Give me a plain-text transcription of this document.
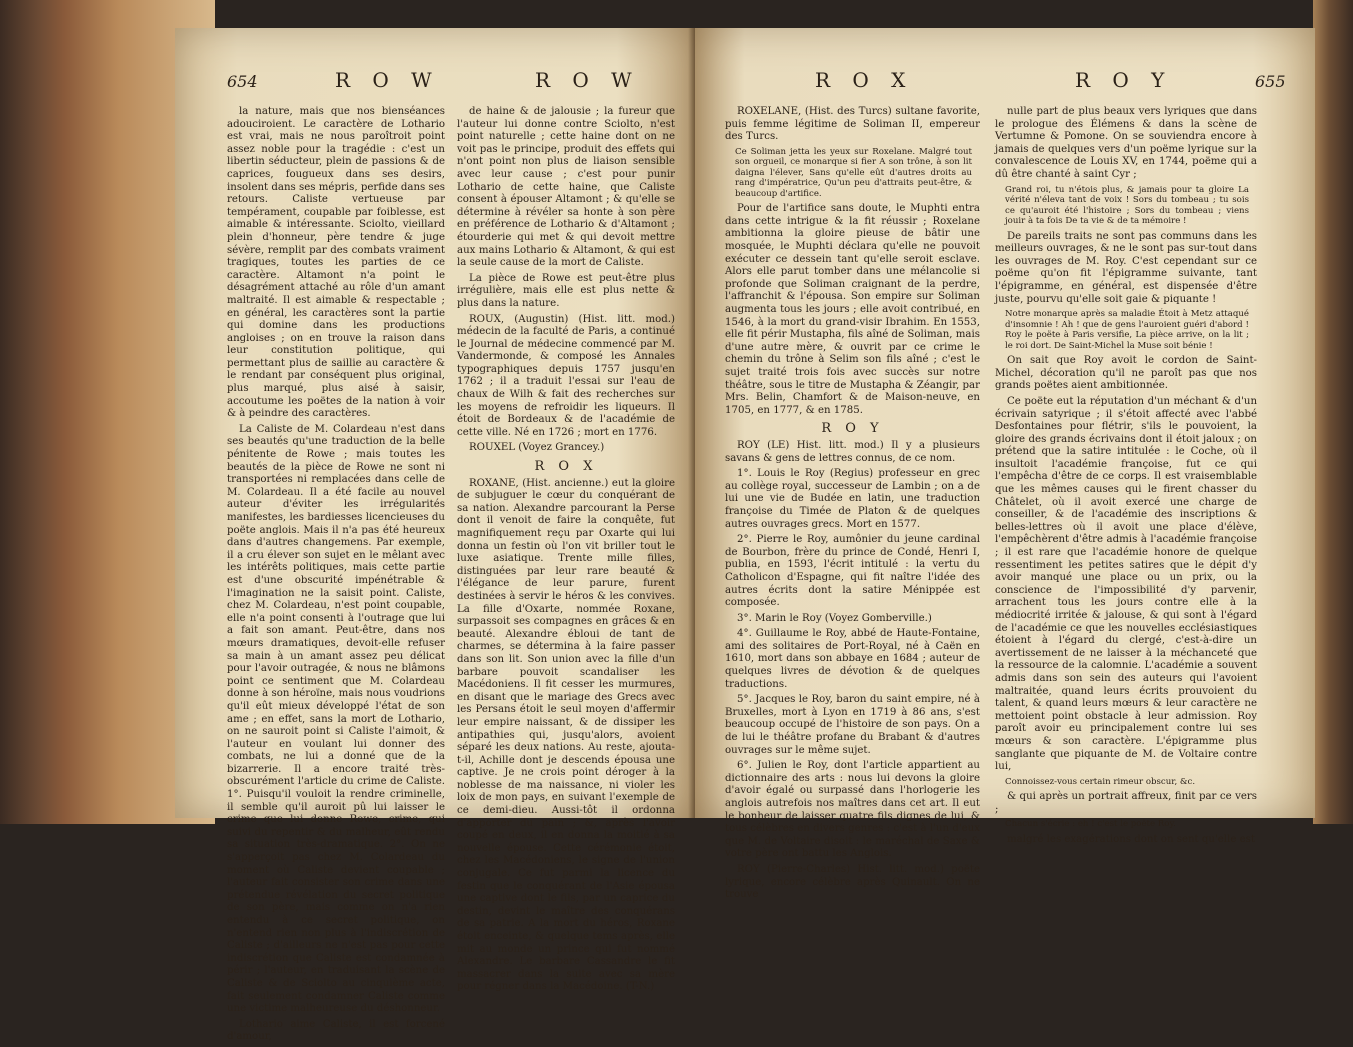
654	R O W	R O W

la nature, mais que nos bienséances adouciroient. Le caractère de Lothario est vrai, mais ne nous paroîtroit point assez noble pour la tragédie : c'est un libertin séducteur, plein de passions & de caprices, fougueux dans ses desirs, insolent dans ses mépris, perfide dans ses retours. Caliste vertueuse par tempérament, coupable par foiblesse, est aimable & intéressante. Sciolto, vieillard plein d'honneur, père tendre & juge sévère, remplit par des combats vraiment tragiques, toutes les parties de ce caractère. Altamont n'a point le désagrément attaché au rôle d'un amant maltraité. Il est aimable & respectable ; en général, les caractères sont la partie qui domine dans les productions angloises ; on en trouve la raison dans leur constitution politique, qui permettant plus de saillie au caractère & le rendant par conséquent plus original, plus marqué, plus aisé à saisir, accoutume les poëtes de la nation à voir & à peindre des caractères.

La Caliste de M. Colardeau n'est dans ses beautés qu'une traduction de la belle pénitente de Rowe ; mais toutes les beautés de la pièce de Rowe ne sont ni transportées ni remplacées dans celle de M. Colardeau. Il a été facile au nouvel auteur d'éviter les irrégularités manifestes, les bardiesses licencieuses du poëte anglois. Mais il n'a pas été heureux dans d'autres changemens. Par exemple, il a cru élever son sujet en le mêlant avec les intérêts politiques, mais cette partie est d'une obscurité impénétrable & l'imagination ne la saisit point. Caliste, chez M. Colardeau, n'est point coupable, elle n'a point consenti à l'outrage que lui a fait son amant. Peut-être, dans nos mœurs dramatiques, devoit-elle refuser sa main à un amant assez peu délicat pour l'avoir outragée, & nous ne blâmons point ce sentiment que M. Colardeau donne à son héroïne, mais nous voudrions qu'il eût mieux développé l'état de son ame ; en effet, sans la mort de Lothario, on ne sauroit point si Caliste l'aimoit, & l'auteur en voulant lui donner des combats, ne lui a donné que de la bizarrerie. Il a encore traité très-obscurément l'article du crime de Caliste. 1°. Puisqu'il vouloit la rendre criminelle, il semble qu'il auroit pû lui laisser le crime que lui donne Rowe, crime, qui suivi du repentir & du malheur, eût rendu sa situation très-dramatique. 2°. On ne s'apperçoit pas chez M. Colardeau du moment où Caliste devient coupable ; l'auteur fait consister son crime dans une prétendue révélation du secret politique de son père, mais comme on n'a rien entendu à ce secret politique, on n'entend rien non plus à l'indiscrétion de Caliste ; d'ailleurs ne n'est pas pour cette indiscrétion que Caliste est condamnée à périr ; l'auteur, en traduisant la scène de Caliste & de Sciolto au cinquième acte, fait seulement condamner Caliste comme une victime malheureuse du déshonneur.

Lothario aime Caliste, il est forcené d'amour,

de haine & de jalousie ; la fureur que l'auteur lui donne contre Sciolto, n'est point naturelle ; cette haine dont on ne voit pas le principe, produit des effets qui n'ont point non plus de liaison sensible avec leur cause ; c'est pour punir Lothario de cette haine, que Caliste consent à épouser Altamont ; & qu'elle se détermine à révéler sa honte à son père en préférence de Lothario & d'Altamont ; étourderie qui met & qui devoit mettre aux mains Lothario & Altamont, & qui est la seule cause de la mort de Caliste.

La pièce de Rowe est peut-être plus irrégulière, mais elle est plus nette & plus dans la nature.

ROUX, (Augustin) (Hist. litt. mod.) médecin de la faculté de Paris, a continué le Journal de médecine commencé par M. Vandermonde, & composé les Annales typographiques depuis 1757 jusqu'en 1762 ; il a traduit l'essai sur l'eau de chaux de Wilh & fait des recherches sur les moyens de refroidir les liqueurs. Il étoit de Bordeaux & de l'académie de cette ville. Né en 1726 ; mort en 1776.

ROUXEL (Voyez Grancey.)

R O X

ROXANE, (Hist. ancienne.) eut la gloire de subjuguer le cœur du conquérant de sa nation. Alexandre parcourant la Perse dont il venoit de faire la conquête, fut magnifiquement reçu par Oxarte qui lui donna un festin où l'on vit briller tout le luxe asiatique. Trente mille filles, distinguées par leur rare beauté & l'élégance de leur parure, furent destinées à servir le héros & les convives. La fille d'Oxarte, nommée Roxane, surpassoit ses compagnes en grâces & en beauté. Alexandre ébloui de tant de charmes, se détermina à la faire passer dans son lit. Son union avec la fille d'un barbare pouvoit scandaliser les Macédoniens. Il fit cesser les murmures, en disant que le mariage des Grecs avec les Persans étoit le seul moyen d'affermir leur empire naissant, & de dissiper les antipathies qui, jusqu'alors, avoient séparé les deux nations. Au reste, ajouta-t-il, Achille dont je descends épousa une captive. Je ne crois point déroger à la noblesse de ma naissance, ni violer les loix de mon pays, en suivant l'exemple de ce demi-dieu. Aussi-tôt il ordonna d'apporter du pain ; &, après l'avoir coupé en deux, il en donna la moitié à sa nouvelle épouse. Cette cérémonie étoit, chez les Macédoniens, le signe de l'union conjugale. Ce fut parmi la licence du festin que le conquérant de l'Asie épousa une captive dont le fils, par un caprice du destin, devint le maître des conquérans de sa patrie. A la mort du héros, Roxane étoit enceinte, & quelque tems après, elle mit au monde un prince qui fut nommé Alexandre. Le barbare Cassandre le fit massacrer dans la suite avec sa mère pour régner dans la Macédoine. (T-N.)

R O X	R O Y	655

ROXELANE, (Hist. des Turcs) sultane favorite, puis femme légitime de Soliman II, empereur des Turcs.

Ce Soliman jetta les yeux sur Roxelane. Malgré tout son orgueil, ce monarque si fier A son trône, à son lit daigna l'élever, Sans qu'elle eût d'autres droits au rang d'impératrice, Qu'un peu d'attraits peut-être, & beaucoup d'artifice.

Pour de l'artifice sans doute, le Muphti entra dans cette intrigue & la fit réussir ; Roxelane ambitionna la gloire pieuse de bâtir une mosquée, le Muphti déclara qu'elle ne pouvoit exécuter ce dessein tant qu'elle seroit esclave. Alors elle parut tomber dans une mélancolie si profonde que Soliman craignant de la perdre, l'affranchit & l'épousa. Son empire sur Soliman augmenta tous les jours ; elle avoit contribué, en 1546, à la mort du grand-visir Ibrahim. En 1553, elle fit périr Mustapha, fils aîné de Soliman, mais d'une autre mère, & ouvrit par ce crime le chemin du trône à Selim son fils aîné ; c'est le sujet traité trois fois avec succès sur notre théâtre, sous le titre de Mustapha & Zéangir, par Mrs. Belin, Chamfort & de Maison-neuve, en 1705, en 1777, & en 1785.

R O Y

ROY (LE) Hist. litt. mod.) Il y a plusieurs savans & gens de lettres connus, de ce nom.

1°. Louis le Roy (Regius) professeur en grec au collège royal, successeur de Lambin ; on a de lui une vie de Budée en latin, une traduction françoise du Timée de Platon & de quelques autres ouvrages grecs. Mort en 1577.

2°. Pierre le Roy, aumônier du jeune cardinal de Bourbon, frère du prince de Condé, Henri I, publia, en 1593, l'écrit intitulé : la vertu du Catholicon d'Espagne, qui fit naître l'idée des autres écrits dont la satire Ménippée est composée.

3°. Marin le Roy (Voyez Gomberville.)

4°. Guillaume le Roy, abbé de Haute-Fontaine, ami des solitaires de Port-Royal, né à Caën en 1610, mort dans son abbaye en 1684 ; auteur de quelques livres de dévotion & de quelques traductions.

5°. Jacques le Roy, baron du saint empire, né à Bruxelles, mort à Lyon en 1719 à 86 ans, s'est beaucoup occupé de l'histoire de son pays. On a de lui le théâtre profane du Brabant & d'autres ouvrages sur le même sujet.

6°. Julien le Roy, dont l'article appartient au dictionnaire des arts : nous lui devons la gloire d'avoir égalé ou surpassé dans l'horlogerie les anglois autrefois nos maîtres dans cet art. Il eut le bonheur de laisser quatre fils dignes de lui, & tous célèbres en divers genres : c'est à l'un d'eux que M. de Voltaire disoit : le maréchal de Saxe & votre père ont battu les Anglois.

ROY (Pierre-Charles) Hist. litt. mod.) poëte lyrique, encore célèbre après Quinault. On ne trouve

nulle part de plus beaux vers lyriques que dans le prologue des Élémens & dans la scène de Vertumne & Pomone. On se souviendra encore à jamais de quelques vers d'un poëme lyrique sur la convalescence de Louis XV, en 1744, poëme qui a dû être chanté à saint Cyr ;

Grand roi, tu n'étois plus, & jamais pour ta gloire La vérité n'éleva tant de voix ! Sors du tombeau ; tu sois ce qu'auroit été l'histoire ; Sors du tombeau ; viens jouir à ta fois De ta vie & de ta mémoire !

De pareils traits ne sont pas communs dans les meilleurs ouvrages, & ne le sont pas sur-tout dans les ouvrages de M. Roy. C'est cependant sur ce poëme qu'on fit l'épigramme suivante, tant l'épigramme, en général, est dispensée d'être juste, pourvu qu'elle soit gaie & piquante !

Notre monarque après sa maladie Étoit à Metz attaqué d'insomnie ! Ah ! que de gens l'auroient guéri d'abord ! Roy le poëte à Paris versifie, La pièce arrive, on la lit ; le roi dort. De Saint-Michel la Muse soit bénie !

On sait que Roy avoit le cordon de Saint-Michel, décoration qu'il ne paroît pas que nos grands poëtes aient ambitionnée.

Ce poëte eut la réputation d'un méchant & d'un écrivain satyrique ; il s'étoit affecté avec l'abbé Desfontaines pour flétrir, s'ils le pouvoient, la gloire des grands écrivains dont il étoit jaloux ; on prétend que la satire intitulée : le Coche, où il insultoit l'académie françoise, fut ce qui l'empêcha d'être de ce corps. Il est vraisemblable que les mêmes causes qui le firent chasser du Châtelet, où il avoit exercé une charge de conseiller, & de l'académie des inscriptions & belles-lettres où il avoit une place d'élève, l'empêchèrent d'être admis à l'académie françoise ; il est rare que l'académie honore de quelque ressentiment les petites satires que le dépit d'y avoir manqué une place ou un prix, ou la conscience de l'impossibilité d'y parvenir, arrachent tous les jours contre elle à la médiocrité irritée & jalouse, & qui sont à l'égard de l'académie ce que les nouvelles ecclésiastiques étoient à l'égard du clergé, c'est-à-dire un avertissement de ne laisser à la méchanceté que la ressource de la calomnie. L'académie a souvent admis dans son sein des auteurs qui l'avoient maltraitée, quand leurs écrits prouvoient du talent, & quand leurs mœurs & leur caractère ne mettoient point obstacle à leur admission. Roy paroît avoir eu principalement contre lui ses mœurs & son caractère. L'épigramme plus sanglante que piquante de M. de Voltaire contre lui,

Connoissez-vous certain rimeur obscur, &c.

& qui après un portrait affreux, finit par ce vers ;

Chacun s'écrie : eh ! c'est le poëte Roy.

malgré les exagérations dont on sent qu'elle est
